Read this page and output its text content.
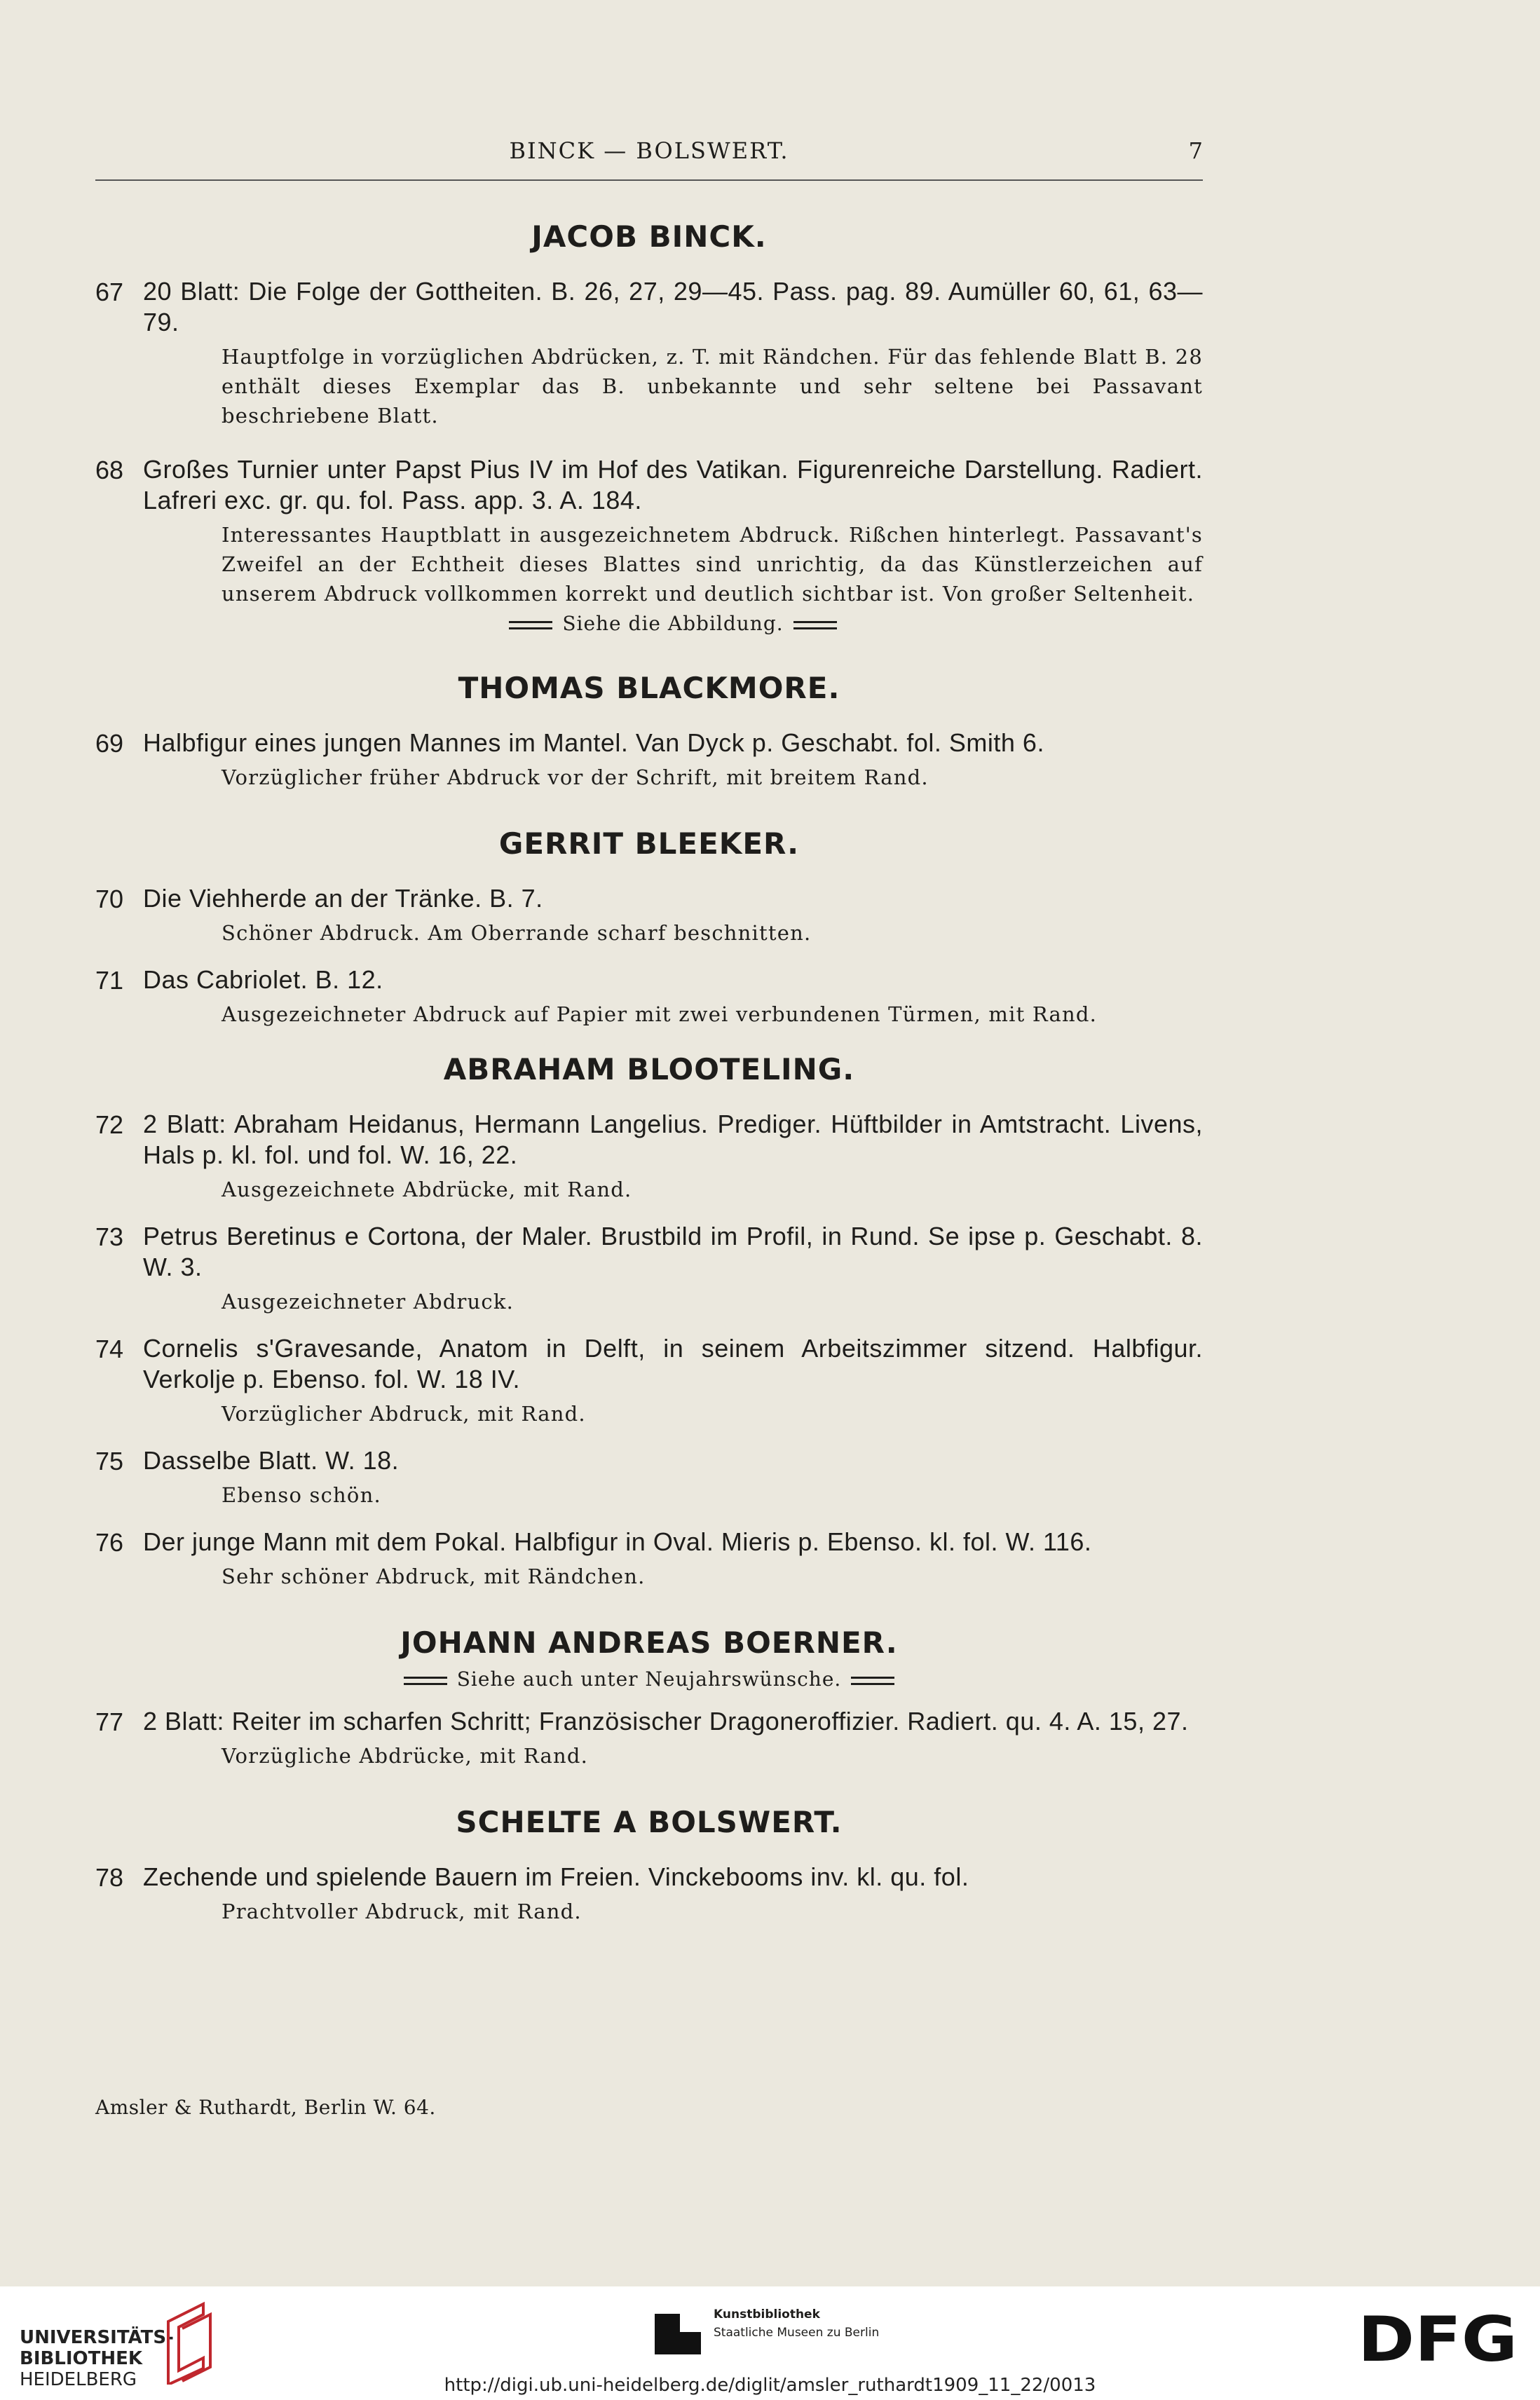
BINCK — BOLSWERT.	7
JACOB BINCK.
67 20 Blatt: Die Folge der Gottheiten. B. 26, 27, 29—45. Pass. pag. 89. Aumüller 60, 61, 63—79.
Hauptfolge in vorzüglichen Abdrücken, z. T. mit Rändchen. Für das fehlende Blatt B. 28 enthält dieses Exemplar das B. unbekannte und sehr seltene bei Passavant beschriebene Blatt.
68 Großes Turnier unter Papst Pius IV im Hof des Vatikan. Figurenreiche Darstellung. Radiert. Lafreri exc. gr. qu. fol. Pass. app. 3. A. 184.
Interessantes Hauptblatt in ausgezeichnetem Abdruck. Rißchen hinterlegt. Passavant's Zweifel an der Echtheit dieses Blattes sind unrichtig, da das Künstlerzeichen auf unserem Abdruck vollkommen korrekt und deutlich sichtbar ist. Von großer Seltenheit.
Siehe die Abbildung.
THOMAS BLACKMORE.
69 Halbfigur eines jungen Mannes im Mantel. Van Dyck p. Geschabt. fol. Smith 6.
Vorzüglicher früher Abdruck vor der Schrift, mit breitem Rand.
GERRIT BLEEKER.
70 Die Viehherde an der Tränke. B. 7.
Schöner Abdruck. Am Oberrande scharf beschnitten.
71 Das Cabriolet. B. 12.
Ausgezeichneter Abdruck auf Papier mit zwei verbundenen Türmen, mit Rand.
ABRAHAM BLOOTELING.
72 2 Blatt: Abraham Heidanus, Hermann Langelius. Prediger. Hüftbilder in Amtstracht. Livens, Hals p. kl. fol. und fol. W. 16, 22.
Ausgezeichnete Abdrücke, mit Rand.
73 Petrus Beretinus e Cortona, der Maler. Brustbild im Profil, in Rund. Se ipse p. Geschabt. 8. W. 3.
Ausgezeichneter Abdruck.
74 Cornelis s'Gravesande, Anatom in Delft, in seinem Arbeitszimmer sitzend. Halbfigur. Verkolje p. Ebenso. fol. W. 18 IV.
Vorzüglicher Abdruck, mit Rand.
75 Dasselbe Blatt. W. 18.
Ebenso schön.
76 Der junge Mann mit dem Pokal. Halbfigur in Oval. Mieris p. Ebenso. kl. fol. W. 116.
Sehr schöner Abdruck, mit Rändchen.
JOHANN ANDREAS BOERNER.
Siehe auch unter Neujahrswünsche.
77 2 Blatt: Reiter im scharfen Schritt; Französischer Dragoneroffizier. Radiert. qu. 4. A. 15, 27.
Vorzügliche Abdrücke, mit Rand.
SCHELTE A BOLSWERT.
78 Zechende und spielende Bauern im Freien. Vinckebooms inv. kl. qu. fol.
Prachtvoller Abdruck, mit Rand.
Amsler & Ruthardt, Berlin W. 64.
UNIVERSITÄTS-
BIBLIOTHEK
HEIDELBERG
Kunstbibliothek
Staatliche Museen zu Berlin	DFG
http://digi.ub.uni-heidelberg.de/diglit/amsler_ruthardt1909_11_22/0013
